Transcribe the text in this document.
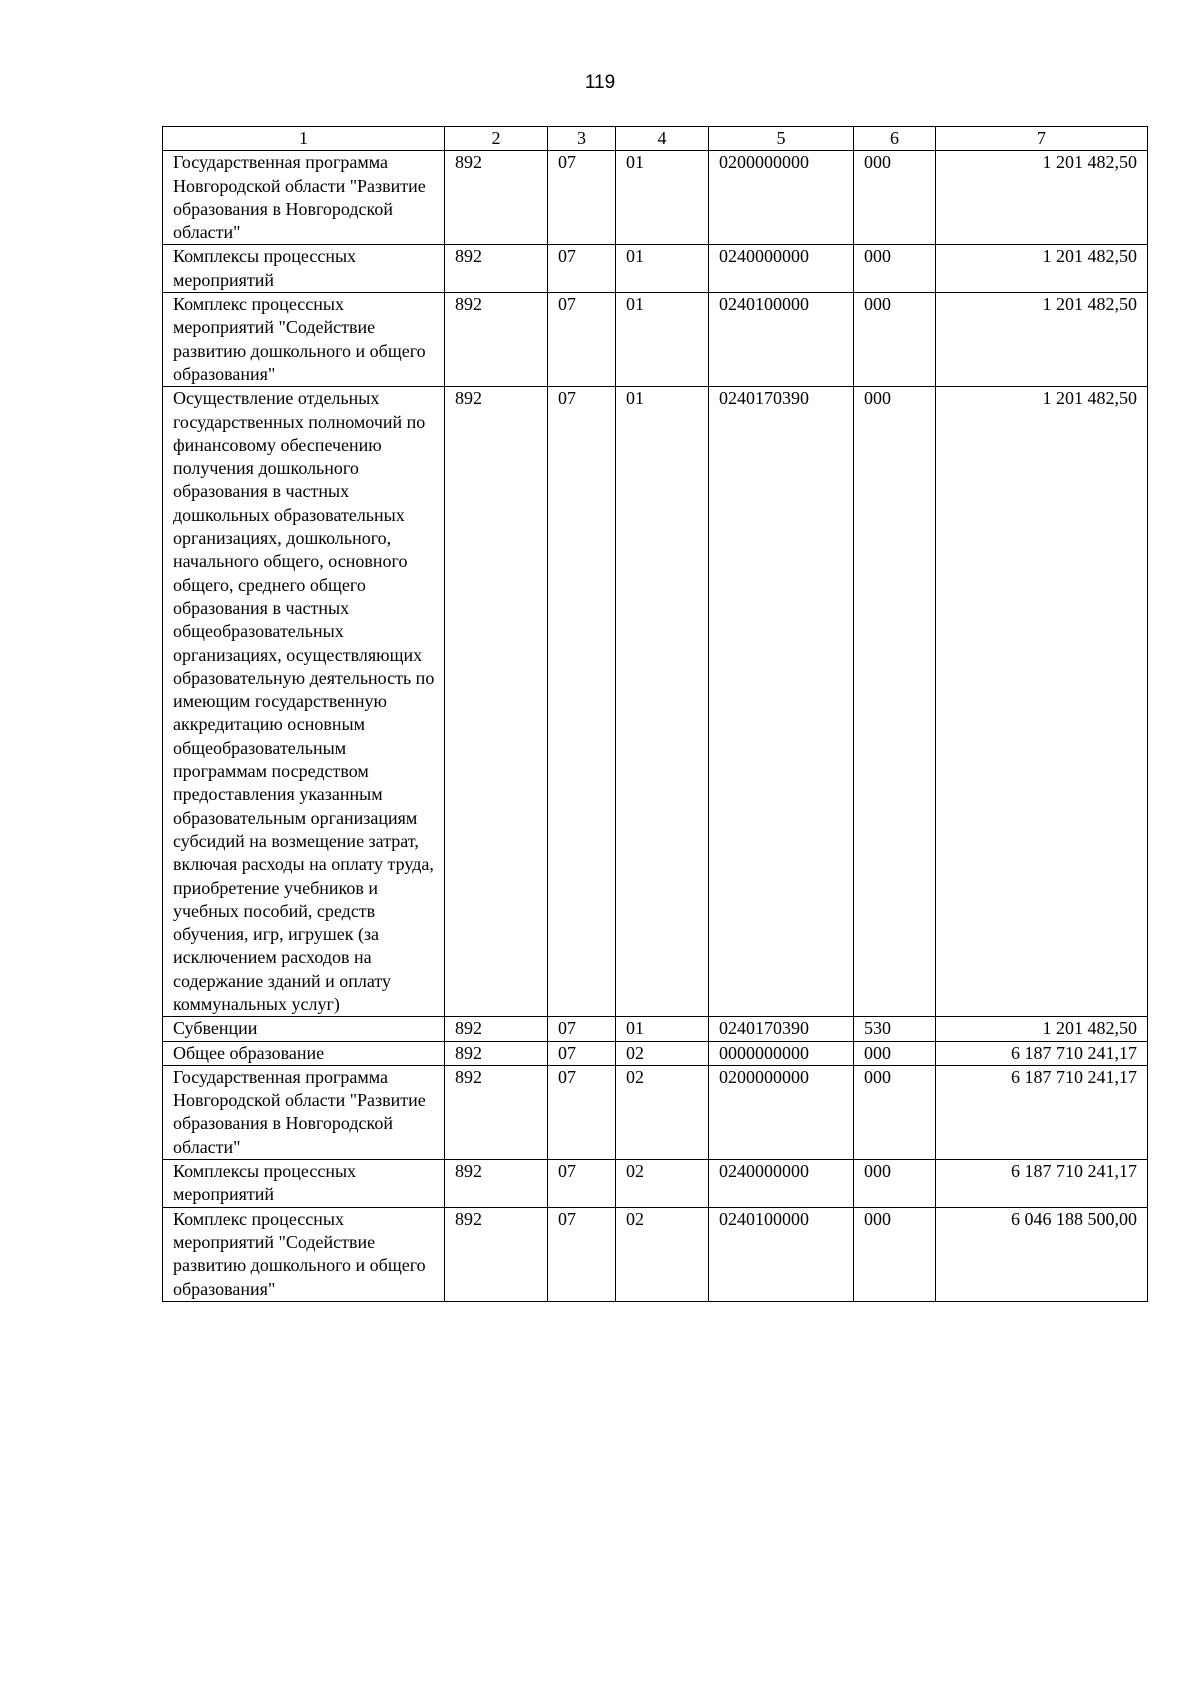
119
1	2	3	4	5	6	7
Государственная программа Новгородской области "Развитие образования в Новгородской области"	892	07	01	0200000000	000	1 201 482,50
Комплексы процессных мероприятий	892	07	01	0240000000	000	1 201 482,50
Комплекс процессных мероприятий "Содействие развитию дошкольного и общего образования"	892	07	01	0240100000	000	1 201 482,50
Осуществление отдельных государственных полномочий по финансовому обеспечению получения дошкольного образования в частных дошкольных образовательных организациях, дошкольного, начального общего, основного общего, среднего общего образования в частных общеобразовательных организациях, осуществляющих образовательную деятельность по имеющим государственную аккредитацию основным общеобразовательным программам посредством предоставления указанным образовательным организациям субсидий на возмещение затрат, включая расходы на оплату труда, приобретение учебников и учебных пособий, средств обучения, игр, игрушек (за исключением расходов на содержание зданий и оплату коммунальных услуг)	892	07	01	0240170390	000	1 201 482,50
Субвенции	892	07	01	0240170390	530	1 201 482,50
Общее образование	892	07	02	0000000000	000	6 187 710 241,17
Государственная программа Новгородской области "Развитие образования в Новгородской области"	892	07	02	0200000000	000	6 187 710 241,17
Комплексы процессных мероприятий	892	07	02	0240000000	000	6 187 710 241,17
Комплекс процессных мероприятий "Содействие развитию дошкольного и общего образования"	892	07	02	0240100000	000	6 046 188 500,00
